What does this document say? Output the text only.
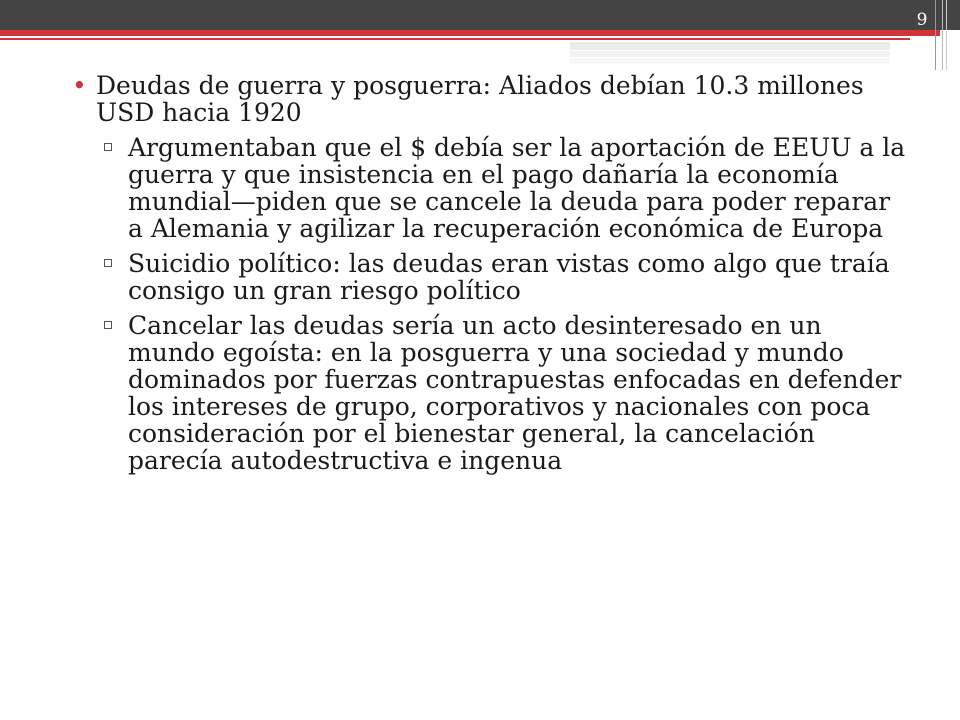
9
• Deudas de guerra y posguerra: Aliados debían 10.3 millones USD hacia 1920
Argumentaban que el $ debía ser la aportación de EEUU a la guerra y que insistencia en el pago dañaría la economía mundial—piden que se cancele la deuda para poder reparar a Alemania y agilizar la recuperación económica de Europa
Suicidio político: las deudas eran vistas como algo que traía consigo un gran riesgo político
Cancelar las deudas sería un acto desinteresado en un mundo egoísta: en la posguerra y una sociedad y mundo dominados por fuerzas contrapuestas enfocadas en defender los intereses de grupo, corporativos y nacionales con poca consideración por el bienestar general, la cancelación parecía autodestructiva e ingenua
